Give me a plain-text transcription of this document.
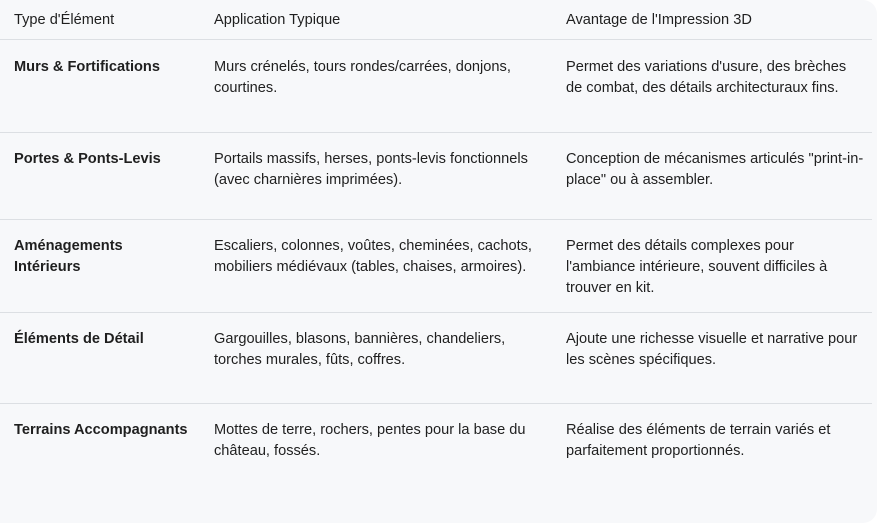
Type d'Élément	Application Typique	Avantage de l'Impression 3D
Murs & Fortifications	Murs crénelés, tours rondes/carrées, donjons, courtines.	Permet des variations d'usure, des brèches de combat, des détails architecturaux fins.
Portes & Ponts-Levis	Portails massifs, herses, ponts-levis fonctionnels (avec charnières imprimées).	Conception de mécanismes articulés "print-in-place" ou à assembler.
Aménagements Intérieurs	Escaliers, colonnes, voûtes, cheminées, cachots, mobiliers médiévaux (tables, chaises, armoires).	Permet des détails complexes pour l'ambiance intérieure, souvent difficiles à trouver en kit.
Éléments de Détail	Gargouilles, blasons, bannières, chandeliers, torches murales, fûts, coffres.	Ajoute une richesse visuelle et narrative pour les scènes spécifiques.
Terrains Accompagnants	Mottes de terre, rochers, pentes pour la base du château, fossés.	Réalise des éléments de terrain variés et parfaitement proportionnés.
